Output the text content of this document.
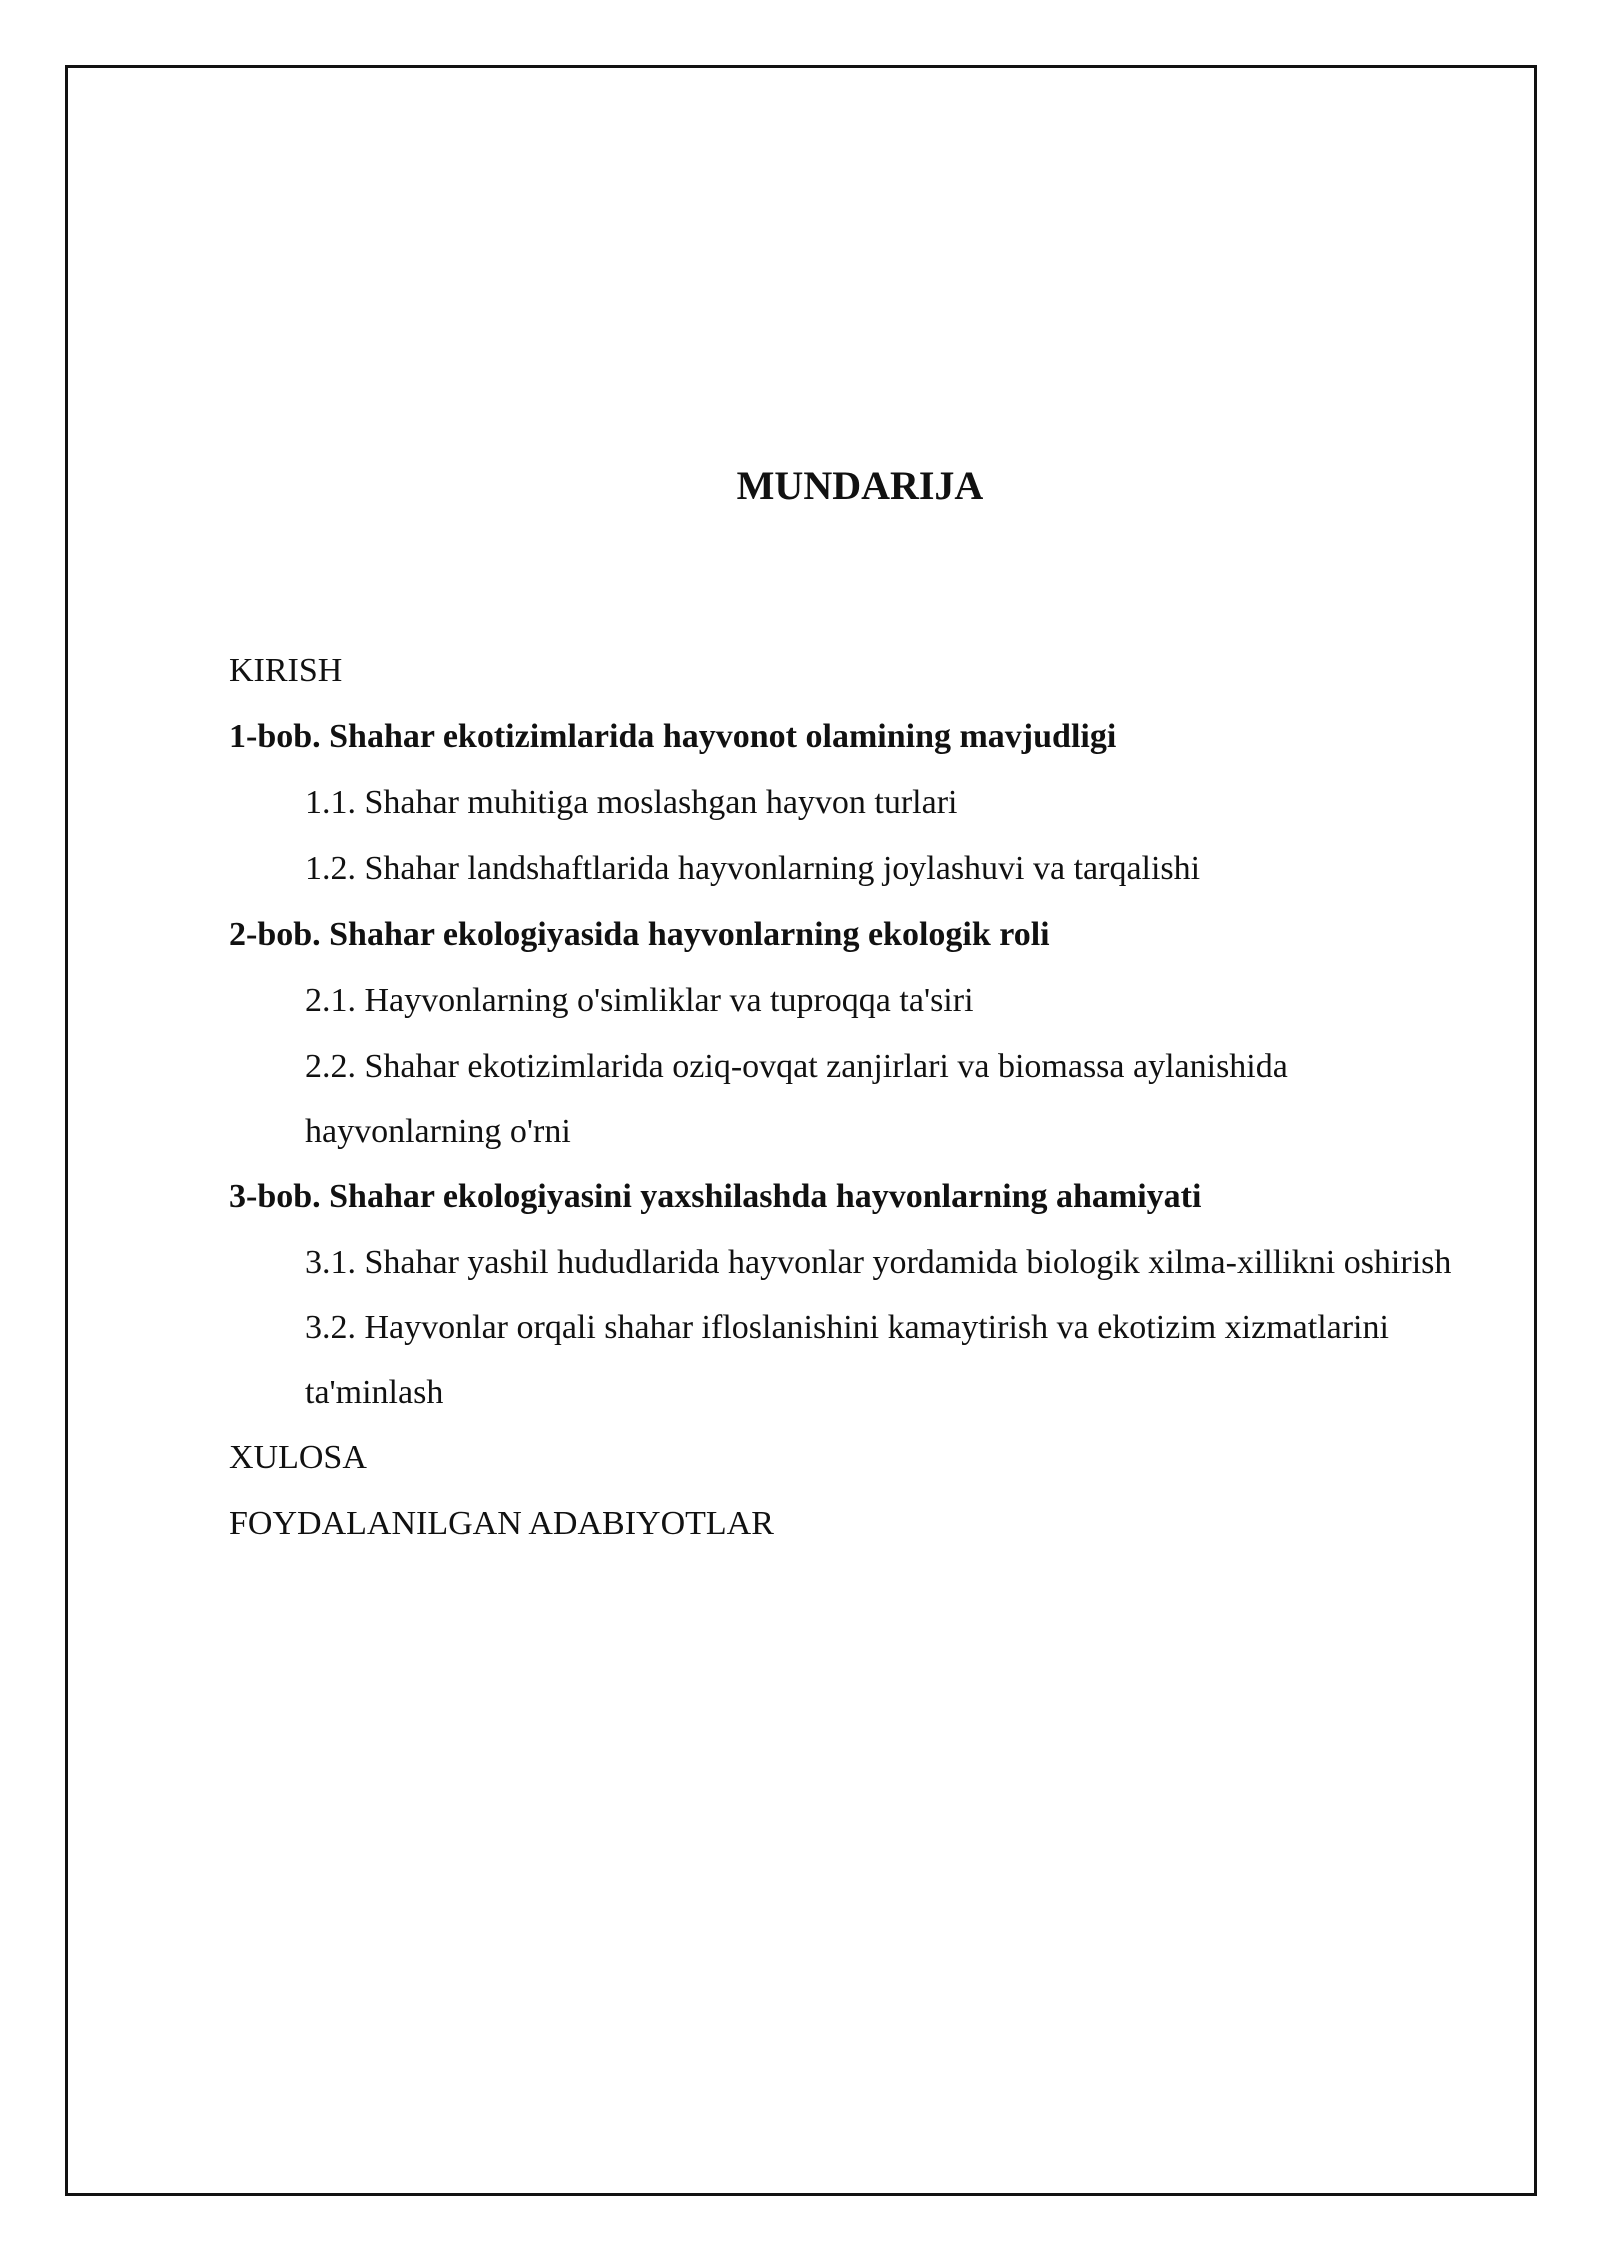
MUNDARIJA
KIRISH
1-bob. Shahar ekotizimlarida hayvonot olamining mavjudligi
1.1. Shahar muhitiga moslashgan hayvon turlari
1.2. Shahar landshaftlarida hayvonlarning joylashuvi va tarqalishi
2-bob. Shahar ekologiyasida hayvonlarning ekologik roli
2.1. Hayvonlarning o'simliklar va tuproqqa ta'siri
2.2. Shahar ekotizimlarida oziq-ovqat zanjirlari va biomassa aylanishida hayvonlarning o'rni
3-bob. Shahar ekologiyasini yaxshilashda hayvonlarning ahamiyati
3.1. Shahar yashil hududlarida hayvonlar yordamida biologik xilma-xillikni oshirish
3.2. Hayvonlar orqali shahar ifloslanishini kamaytirish va ekotizim xizmatlarini ta'minlash
XULOSA
FOYDALANILGAN ADABIYOTLAR
